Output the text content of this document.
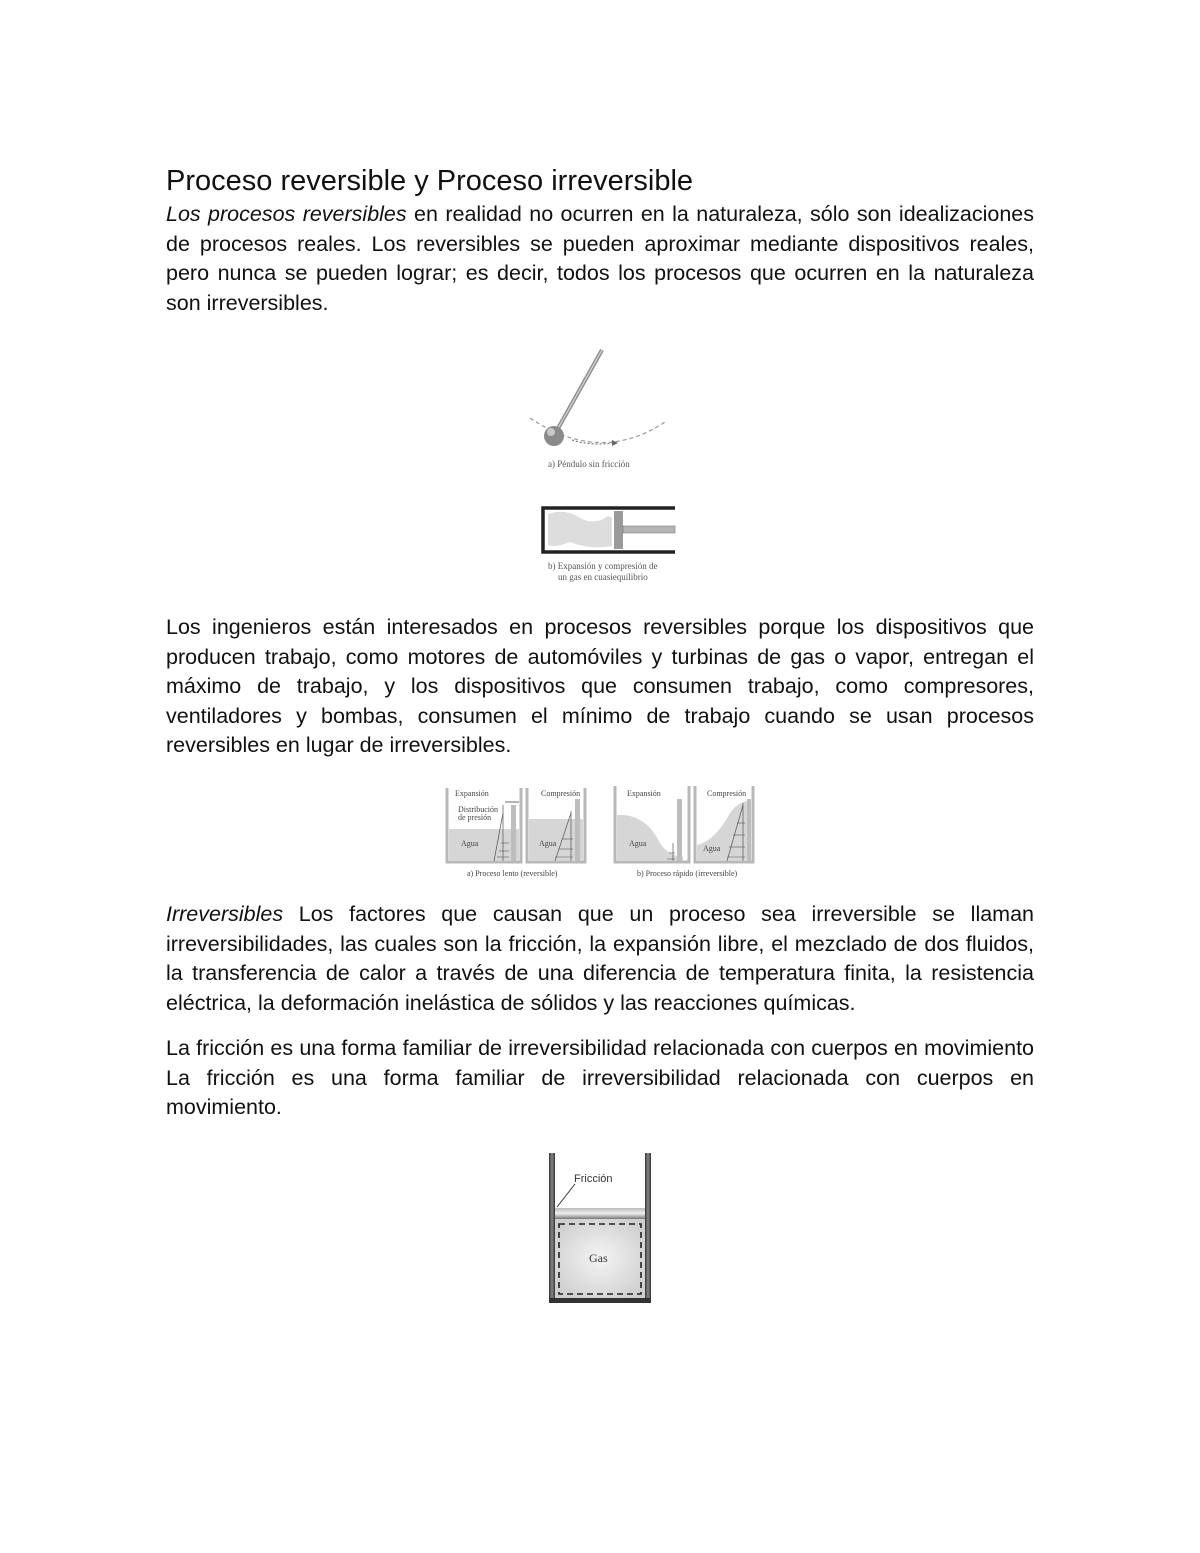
Proceso reversible y Proceso irreversible

Los procesos reversibles en realidad no ocurren en la naturaleza, sólo son idealizaciones de procesos reales. Los reversibles se pueden aproximar mediante dispositivos reales, pero nunca se pueden lograr; es decir, todos los procesos que ocurren en la naturaleza son irreversibles.

a) Péndulo sin fricción
b) Expansión y compresión de
un gas en cuasiequilibrio

Los ingenieros están interesados en procesos reversibles porque los dispositivos que producen trabajo, como motores de automóviles y turbinas de gas o vapor, entregan el máximo de trabajo, y los dispositivos que consumen trabajo, como compresores, ventiladores y bombas, consumen el mínimo de trabajo cuando se usan procesos reversibles en lugar de irreversibles.

Expansión
Distribución
de presión
Agua
Compresión
Agua
a) Proceso lento (reversible)
Expansión
Agua
Compresión
Agua
b) Proceso rápido (irreversible)

Irreversibles Los factores que causan que un proceso sea irreversible se llaman irreversibilidades, las cuales son la fricción, la expansión libre, el mezclado de dos fluidos, la transferencia de calor a través de una diferencia de temperatura finita, la resistencia eléctrica, la deformación inelástica de sólidos y las reacciones químicas.

La fricción es una forma familiar de irreversibilidad relacionada con cuerpos en movimiento La fricción es una forma familiar de irreversibilidad relacionada con cuerpos en movimiento.

Fricción
Gas
